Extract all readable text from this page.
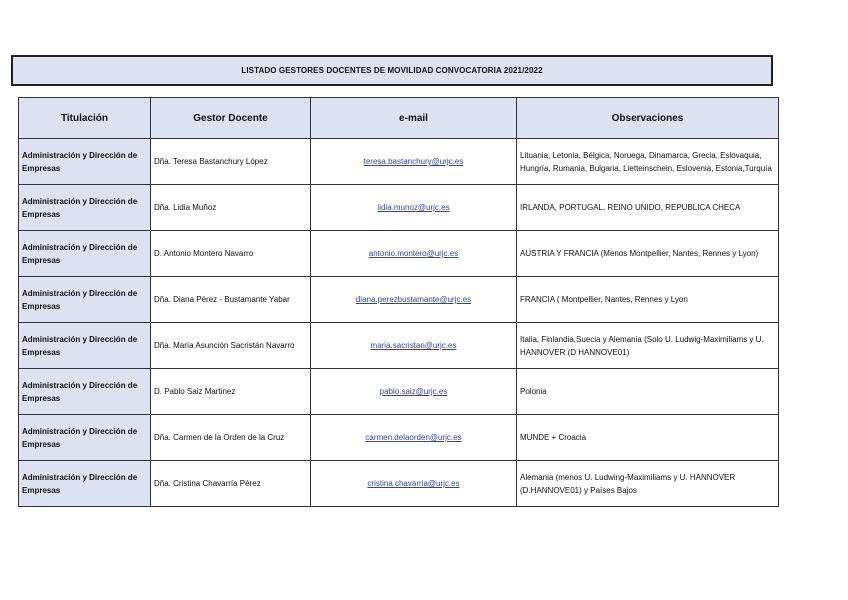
LISTADO GESTORES DOCENTES DE MOVILIDAD CONVOCATORIA 2021/2022
Titulación	Gestor Docente	e-mail	Observaciones
Administración y Dirección de Empresas	Dña. Teresa Bastanchury López	teresa.bastanchury@urjc.es	Lituania, Letonia, Bélgica, Noruega, Dinamarca, Grecia, Eslovaquia, Hungría, Rumania, Bulgaria, Lietteinschein, Eslovenia, Estonia,Turquía
Administración y Dirección de Empresas	Dña. Lidia Muñoz	lidia.munoz@urjc.es	IRLANDA, PORTUGAL, REINO UNIDO, REPUBLICA CHECA
Administración y Dirección de Empresas	D. Antonio Montero Navarro	antonio.montero@urjc.es	AUSTRIA Y FRANCIA (Menos Montpellier, Nantes, Rennes y Lyon)
Administración y Dirección de Empresas	Dña. Diana Pérez - Bustamante Yabar	diana.perezbustamante@urjc.es	FRANCIA ( Montpellier, Nantes, Rennes y Lyon
Administración y Dirección de Empresas	Dña. María Asunción Sacristán Navarro	maria.sacristan@urjc.es	Italia, Finlandia,Suecia y Alemania (Solo U. Ludwig-Maximiliams y U. HANNOVER (D HANNOVE01)
Administración y Dirección de Empresas	D. Pablo Saiz Martinez	pablo.saiz@urjc.es	Polonia
Administración y Dirección de Empresas	Dña. Carmen de la Orden de la Cruz	carmen.delaorden@urjc.es	MUNDE + Croacia
Administración y Dirección de Empresas	Dña. Cristina Chavarría Pérez	cristina.chavarria@urjc.es	Alemania (menos U. Ludwing-Maximiliams y U. HANNOVER (D.HANNOVE01) y Países Bajos
